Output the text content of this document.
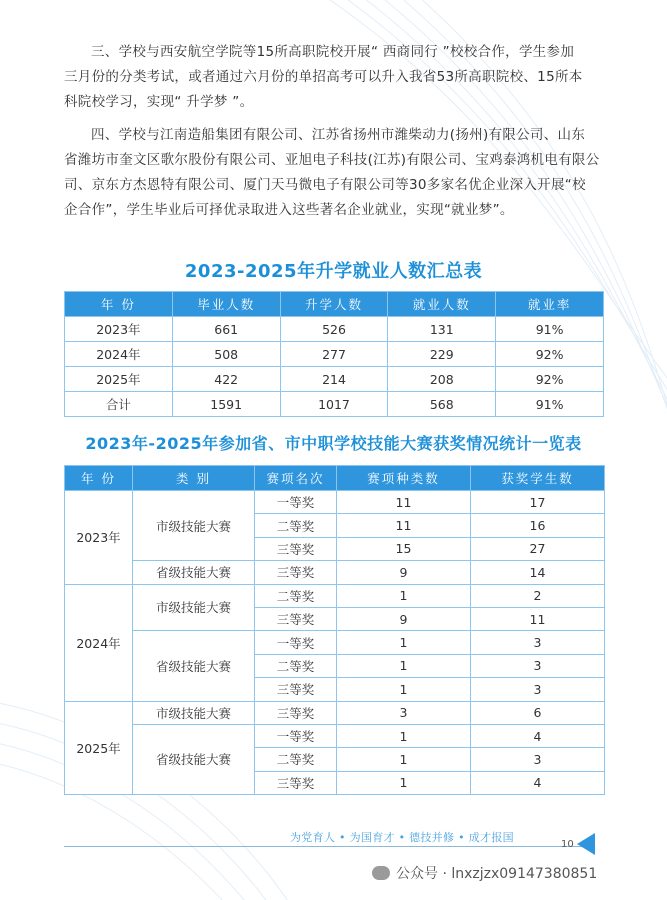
三、学校与西安航空学院等15所高职院校开展“ 西商同行 ”校校合作，学生参加
三月份的分类考试，或者通过六月份的单招高考可以升入我省53所高职院校、15所本
科院校学习，实现“ 升学梦 ”。
四、学校与江南造船集团有限公司、江苏省扬州市潍柴动力(扬州)有限公司、山东
省潍坊市奎文区歌尔股份有限公司、亚旭电子科技(江苏)有限公司、宝鸡泰鸿机电有限公
司、京东方杰恩特有限公司、厦门天马微电子有限公司等30多家名优企业深入开展“校
企合作”，学生毕业后可择优录取进入这些著名企业就业，实现“就业梦”。
2023-2025年升学就业人数汇总表
年 份	毕业人数	升学人数	就业人数	就业率
2023年	661	526	131	91%
2024年	508	277	229	92%
2025年	422	214	208	92%
合计	1591	1017	568	91%
2023年-2025年参加省、市中职学校技能大赛获奖情况统计一览表
年 份	类 别	赛项名次	赛项种类数	获奖学生数
2023年	市级技能大赛	一等奖	11	17
		二等奖	11	16
		三等奖	15	27
	省级技能大赛	三等奖	9	14
2024年	市级技能大赛	二等奖	1	2
		三等奖	9	11
	省级技能大赛	一等奖	1	3
		二等奖	1	3
		三等奖	1	3
2025年	市级技能大赛	三等奖	3	6
	省级技能大赛	一等奖	1	4
		二等奖	1	3
		三等奖	1	4
为党育人 • 为国育才 • 德技并修 • 成才报国
10
公众号 · lnxzjzx09147380851
